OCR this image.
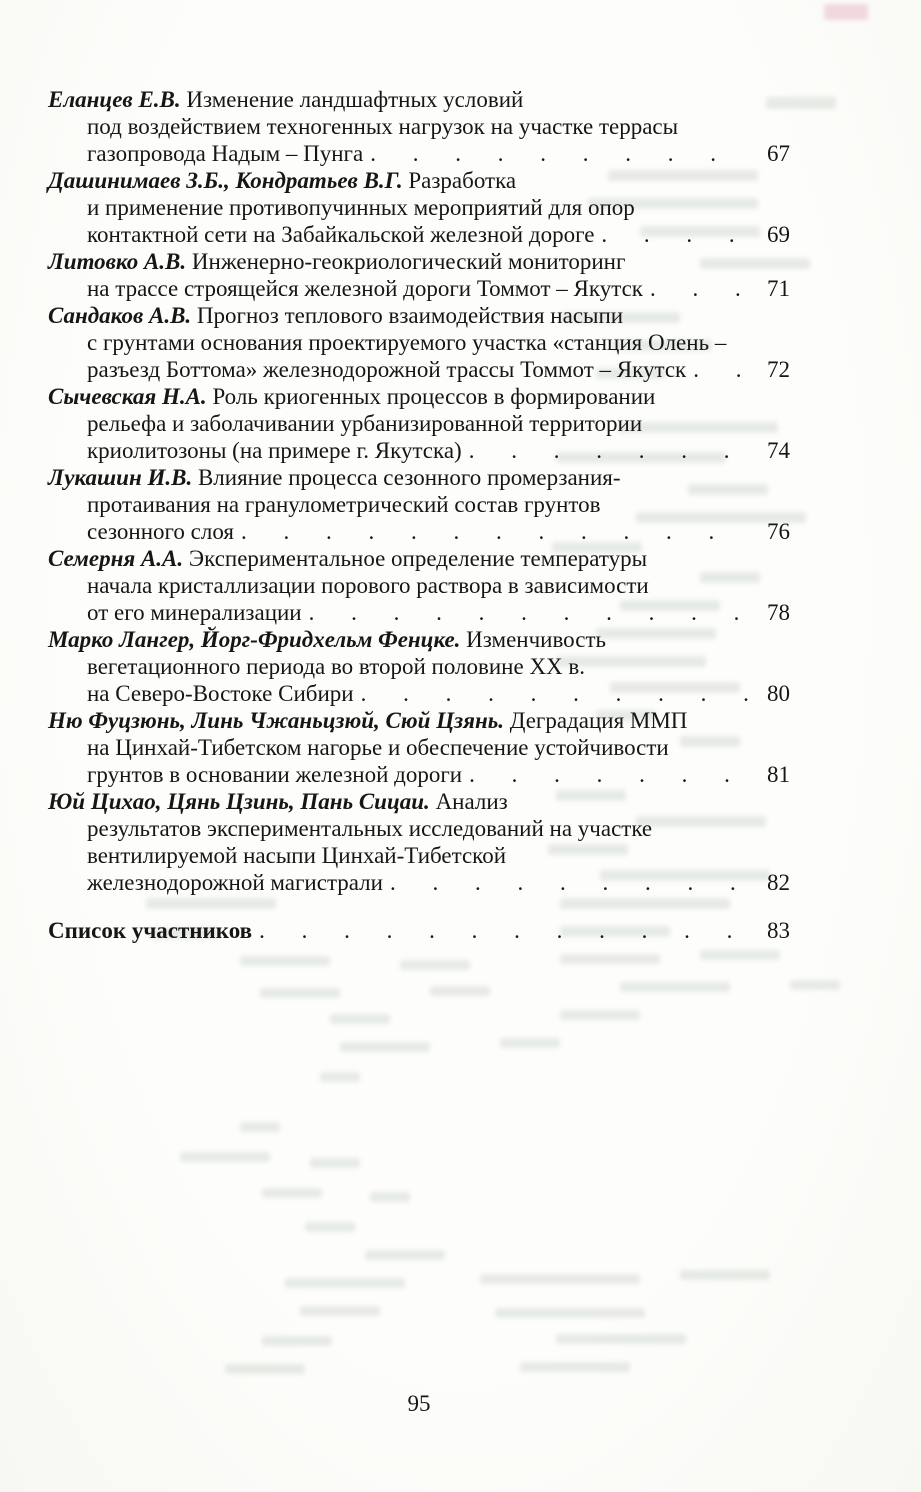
Еланцев Е.В. Изменение ландшафтных условий
под воздействием техногенных нагрузок на участке террасы
газопровода Надым – Пунга . . .	67
Дашинимаев З.Б., Кондратьев В.Г. Разработка
и применение противопучинных мероприятий для опор
контактной сети на Забайкальской железной дороге . . .	69
Литовко А.В. Инженерно-геокриологический мониторинг
на трассе строящейся железной дороги Томмот – Якутск . . .	71
Сандаков А.В. Прогноз теплового взаимодействия насыпи
с грунтами основания проектируемого участка «станция Олень –
разъезд Боттома» железнодорожной трассы Томмот – Якутск . . .	72
Сычевская Н.А. Роль криогенных процессов в формировании
рельефа и заболачивании урбанизированной территории
криолитозоны (на примере г. Якутска) . . .	74
Лукашин И.В. Влияние процесса сезонного промерзания-
протаивания на гранулометрический состав грунтов
сезонного слоя . . .	76
Семерня А.А. Экспериментальное определение температуры
начала кристаллизации порового раствора в зависимости
от его минерализации . . .	78
Марко Лангер, Йорг-Фридхельм Фенцке. Изменчивость
вегетационного периода во второй половине XX в.
на Северо-Востоке Сибири . . .	80
Ню Фуцзюнь, Линь Чжаньцзюй, Сюй Цзянь. Деградация ММП
на Цинхай-Тибетском нагорье и обеспечение устойчивости
грунтов в основании железной дороги . . .	81
Юй Цихао, Цянь Цзинь, Пань Сицаи. Анализ
результатов экспериментальных исследований на участке
вентилируемой насыпи Цинхай-Тибетской
железнодорожной магистрали . . .	82
Список участников . . .	83
95
